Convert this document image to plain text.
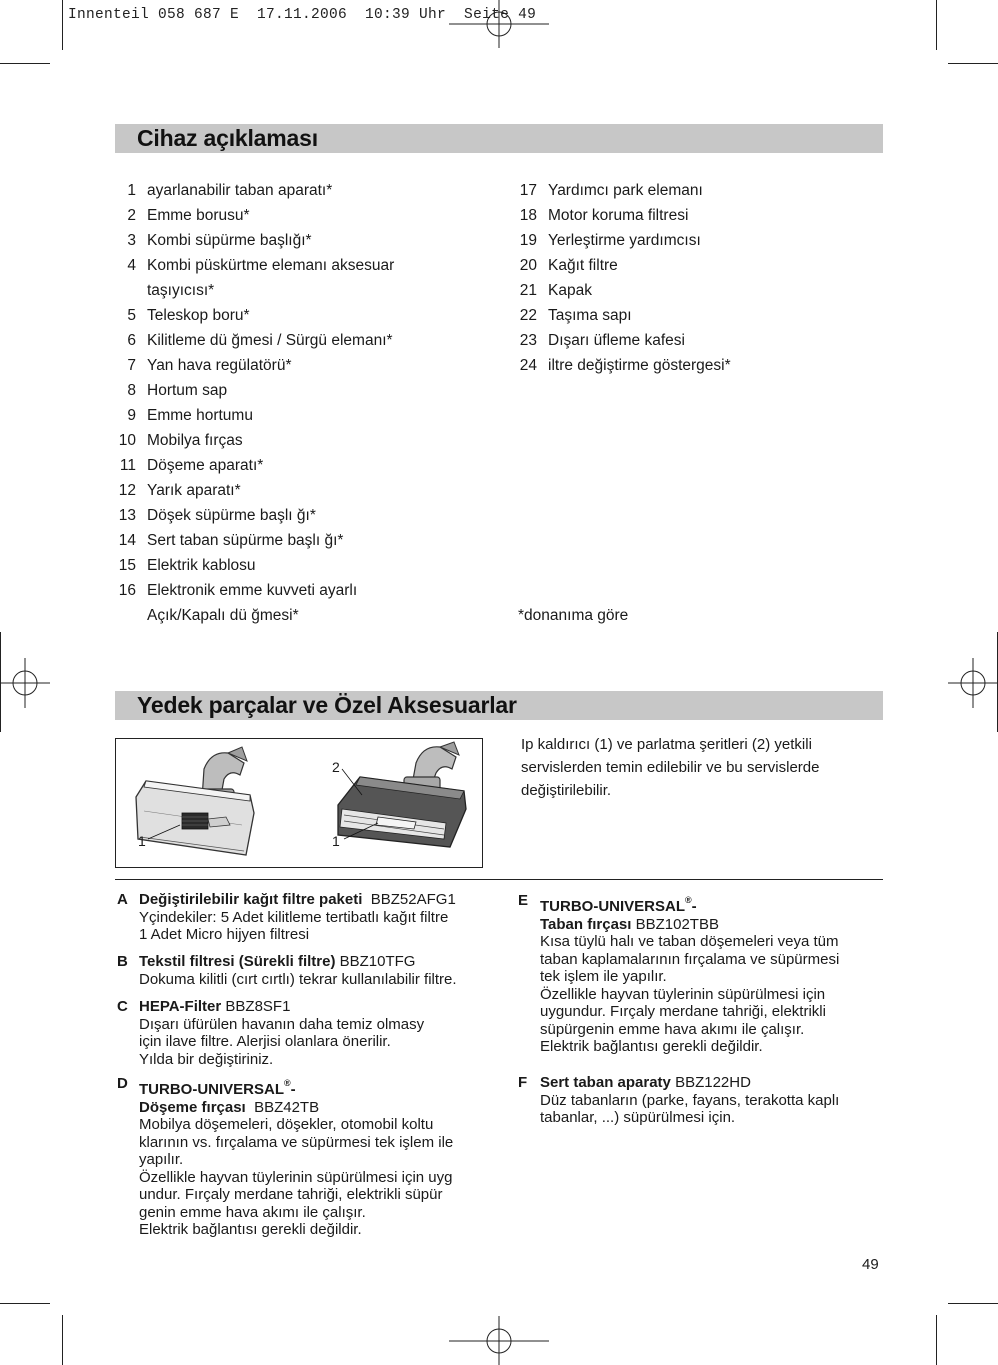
Innenteil 058 687 E  17.11.2006  10:39 Uhr  Seite 49
Cihaz açıklaması
1 ayarlanabilir taban aparatı*
2 Emme borusu*
3 Kombi süpürme başlığı*
4 Kombi püskürtme elemanı aksesuar
taşıyıcısı*
5 Teleskop boru*
6 Kilitleme dü ğmesi / Sürgü elemanı*
7 Yan hava regülatörü*
8 Hortum sap
9 Emme hortumu
10 Mobilya fırças
11 Döşeme aparatı*
12 Yarık aparatı*
13 Döşek süpürme başlı ğı*
14 Sert taban süpürme başlı ğı*
15 Elektrik kablosu
16 Elektronik emme kuvveti ayarlı
Açık/Kapalı dü ğmesi*
17 Yardımcı park elemanı
18 Motor koruma filtresi
19 Yerleştirme yardımcısı
20 Kağıt filtre
21 Kapak
22 Taşıma sapı
23 Dışarı üfleme kafesi
24 iltre değiştirme göstergesi*
*donanıma göre
Yedek parçalar ve Özel Aksesuarlar
1
2
1
Ip kaldırıcı (1) ve parlatma şeritleri (2) yetkili
servislerden temin edilebilir ve bu servislerde
değiştirilebilir.
A Değiştirilebilir kağıt filtre paketi BBZ52AFG1
Yçindekiler: 5 Adet kilitleme tertibatlı kağıt filtre
1 Adet Micro hijyen filtresi
B Tekstil filtresi (Sürekli filtre) BBZ10TFG
Dokuma kilitli (cırt cırtlı) tekrar kullanılabilir filtre.
C HEPA-Filter BBZ8SF1
Dışarı üfürülen havanın daha temiz olmasy
için ilave filtre. Alerjisi olanlara önerilir.
Yılda bir değiştiriniz.
D TURBO-UNIVERSAL®-
Döşeme fırçası BBZ42TB
Mobilya döşemeleri, döşekler, otomobil koltu
klarının vs. fırçalama ve süpürmesi tek işlem ile
yapılır.
Özellikle hayvan tüylerinin süpürülmesi için uyg
undur. Fırçaly merdane tahriği, elektrikli süpür
genin emme hava akımı ile çalışır.
Elektrik bağlantısı gerekli değildir.
E TURBO-UNIVERSAL®-
Taban fırçası BBZ102TBB
Kısa tüylü halı ve taban döşemeleri veya tüm
taban kaplamalarının fırçalama ve süpürmesi
tek işlem ile yapılır.
Özellikle hayvan tüylerinin süpürülmesi için
uygundur. Fırçaly merdane tahriği, elektrikli
süpürgenin emme hava akımı ile çalışır.
Elektrik bağlantısı gerekli değildir.
F Sert taban aparaty BBZ122HD
Düz tabanların (parke, fayans, terakotta kaplı
tabanlar, ...) süpürülmesi için.
49
